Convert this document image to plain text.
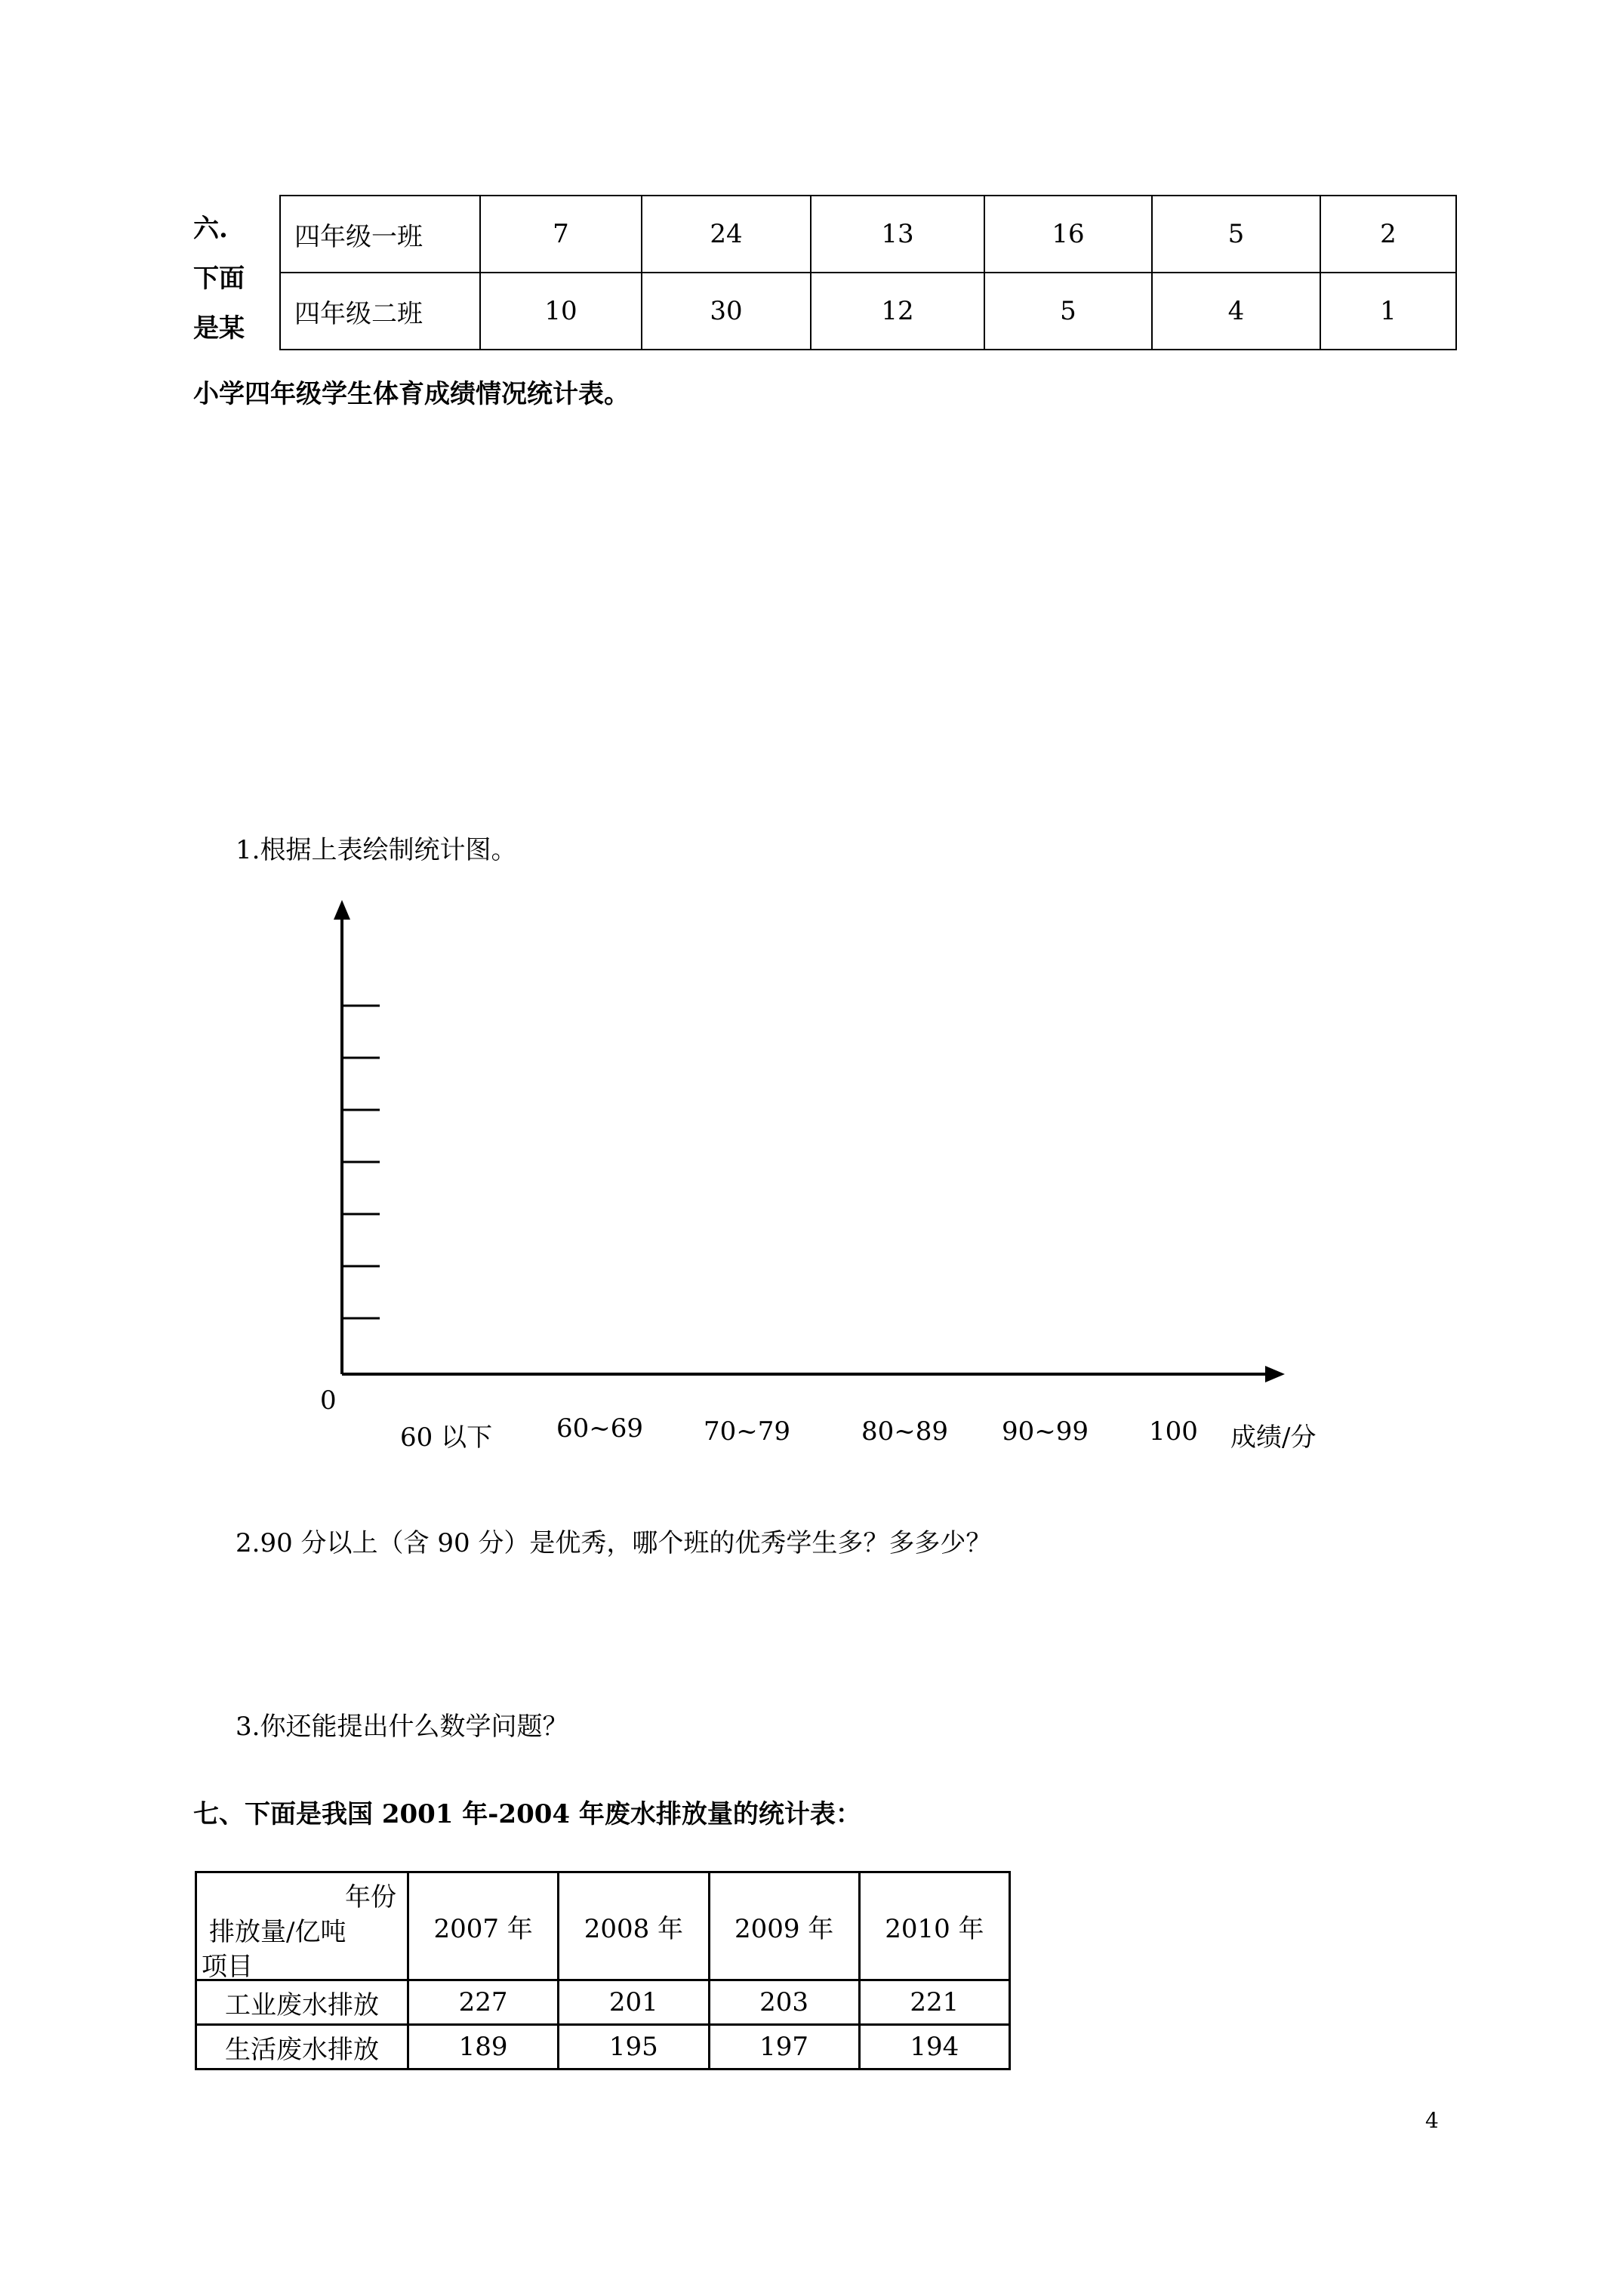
六.
下面
是某
四年级一班	7	24	13	16	5	2
四年级二班	10	30	12	5	4	1
小学四年级学生体育成绩情况统计表。
1.根据上表绘制统计图。
0
60 以下 60~69 70~79	80~89 90~99 100 成绩/分
2.90 分以上（含 90 分）是优秀，哪个班的优秀学生多？多多少？
3.你还能提出什么数学问题？
七、下面是我国 2001 年-2004 年废水排放量的统计表：
年份
排放量/亿吨
项目	2007 年	2008 年	2009 年	2010 年
工业废水排放	227	201	203	221
生活废水排放	189	195	197	194
4
